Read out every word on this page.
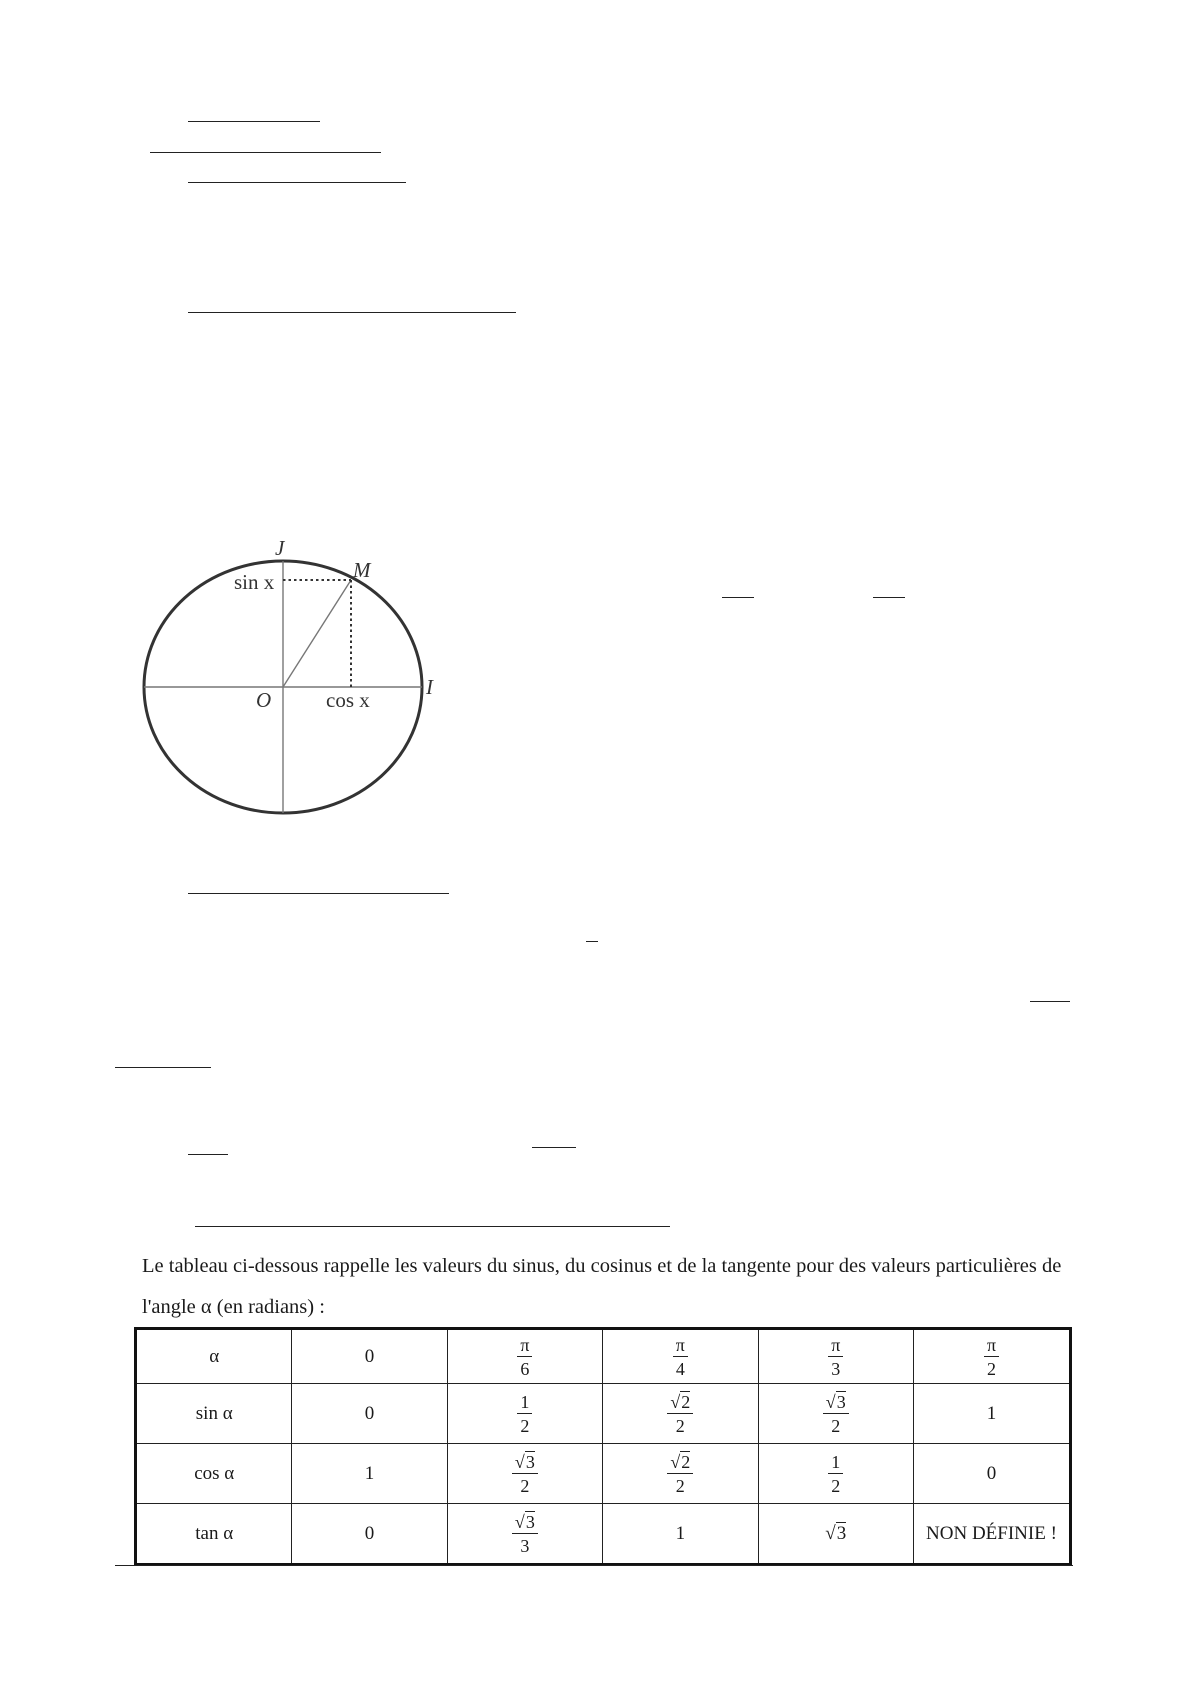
J
M
sin x
O	cos x
I
Le tableau ci-dessous rappelle les valeurs du sinus, du cosinus et de la tangente pour des valeurs particulières de l'angle α (en radians) :
α	0	$\frac{\pi}{6}$	$\frac{\pi}{4}$	$\frac{\pi}{3}$	$\frac{\pi}{2}$

sin α	0	$\frac{1}{2}$	$\frac{√2}{2}$	$\frac{√3}{2}$	1
cos α	1	$\frac{√3}{2}$	$\frac{√2}{2}$	$\frac{1}{2}$	0
tan α	0	$\frac{√3}{3}$	1	√3	NON DÉFINIE !
